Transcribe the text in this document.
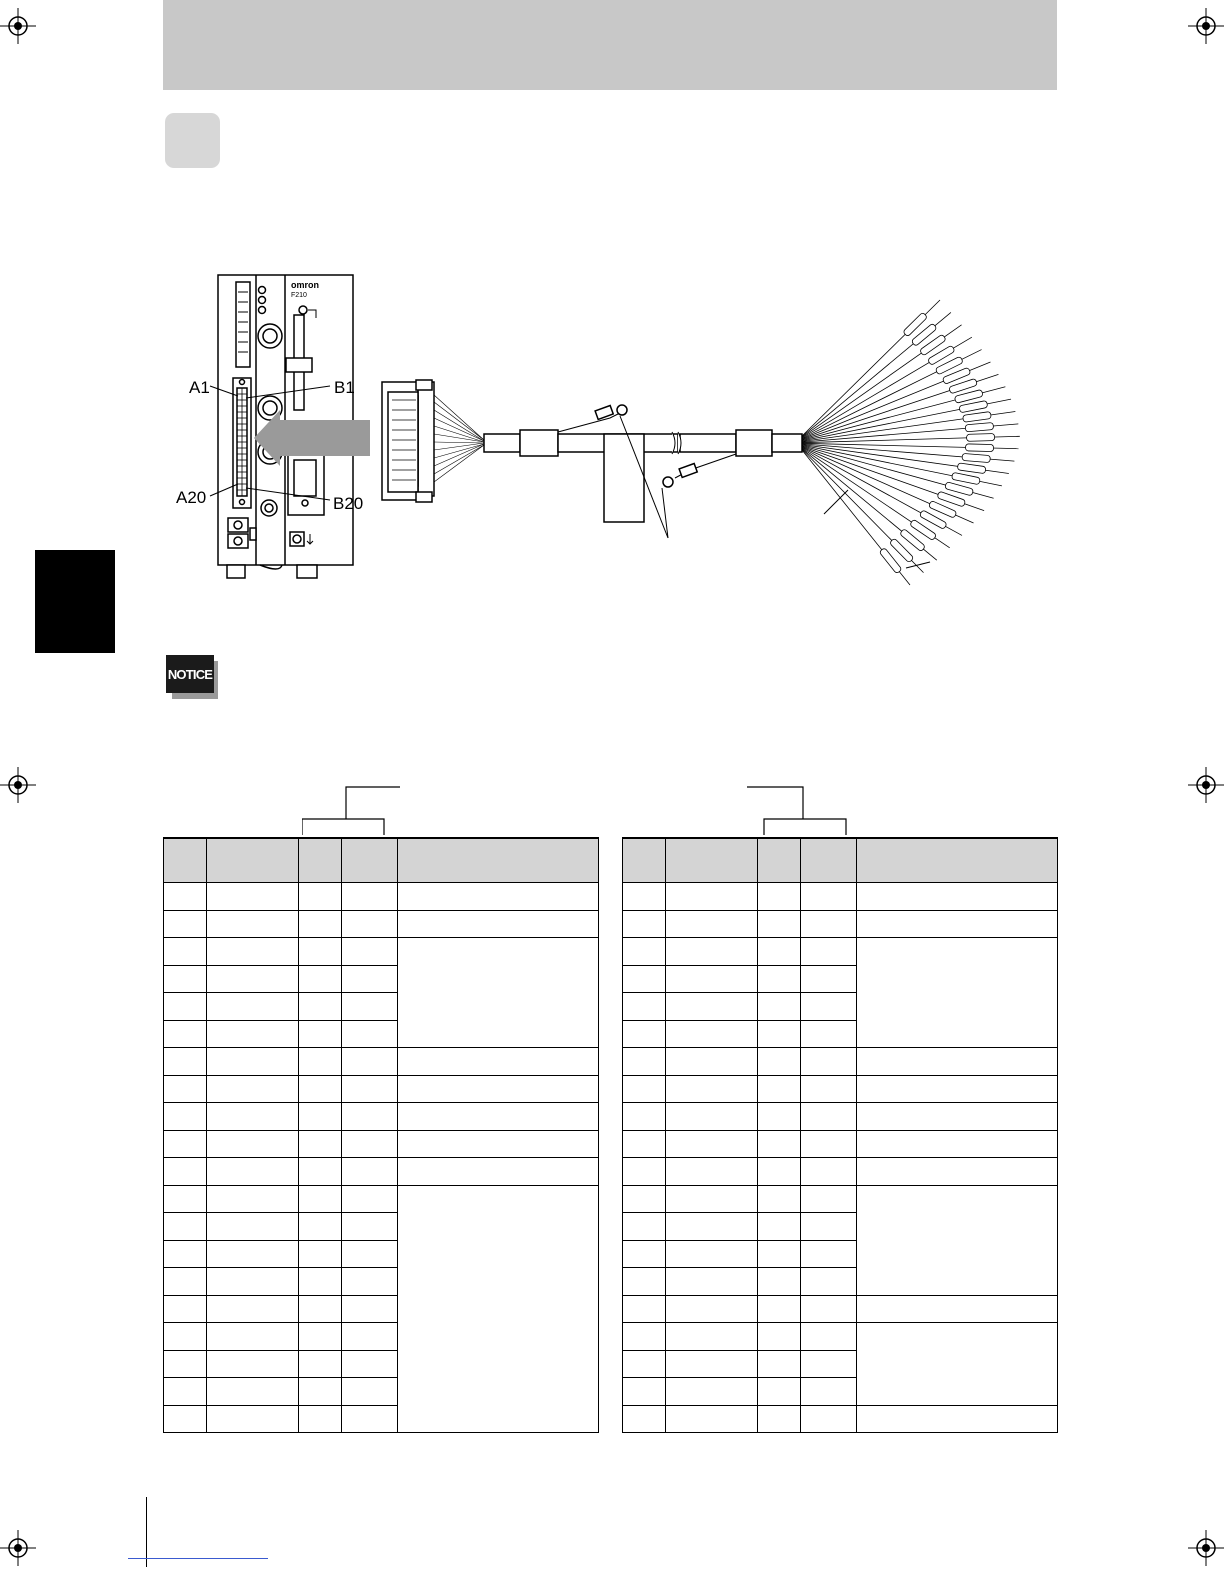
omron
F210
A1	B1
A20	B20
NOTICE
